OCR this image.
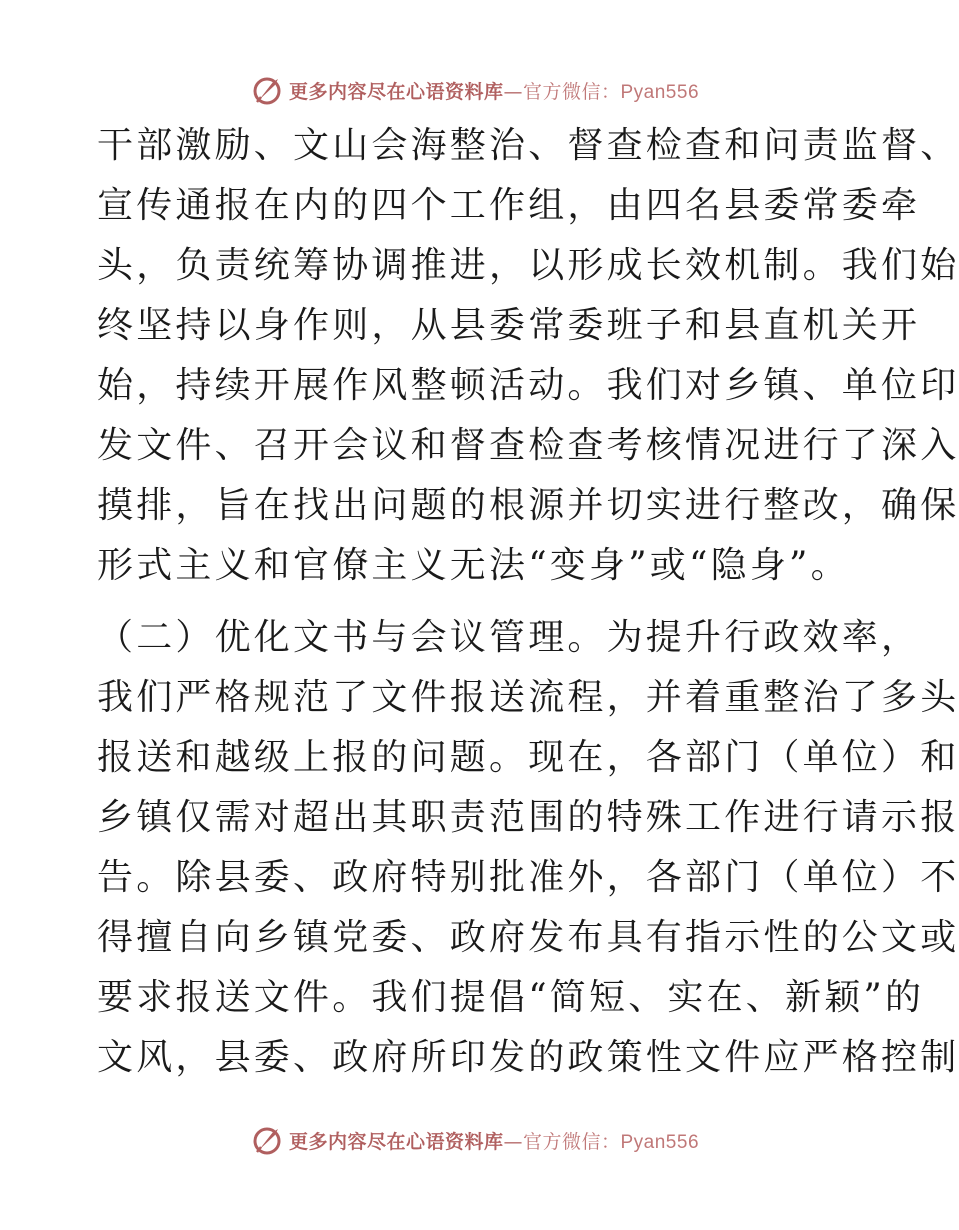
更多内容尽在心语资料库—官方微信：Pyan556
干部激励、文山会海整治、督查检查和问责监督、
宣传通报在内的四个工作组，由四名县委常委牵
头，负责统筹协调推进，以形成长效机制。我们始
终坚持以身作则，从县委常委班子和县直机关开
始，持续开展作风整顿活动。我们对乡镇、单位印
发文件、召开会议和督查检查考核情况进行了深入
摸排，旨在找出问题的根源并切实进行整改，确保
形式主义和官僚主义无法“变身”或“隐身”。
（二）优化文书与会议管理。为提升行政效率，
我们严格规范了文件报送流程，并着重整治了多头
报送和越级上报的问题。现在，各部门（单位）和
乡镇仅需对超出其职责范围的特殊工作进行请示报
告。除县委、政府特别批准外，各部门（单位）不
得擅自向乡镇党委、政府发布具有指示性的公文或
要求报送文件。我们提倡“简短、实在、新颖”的
文风，县委、政府所印发的政策性文件应严格控制
更多内容尽在心语资料库—官方微信：Pyan556
